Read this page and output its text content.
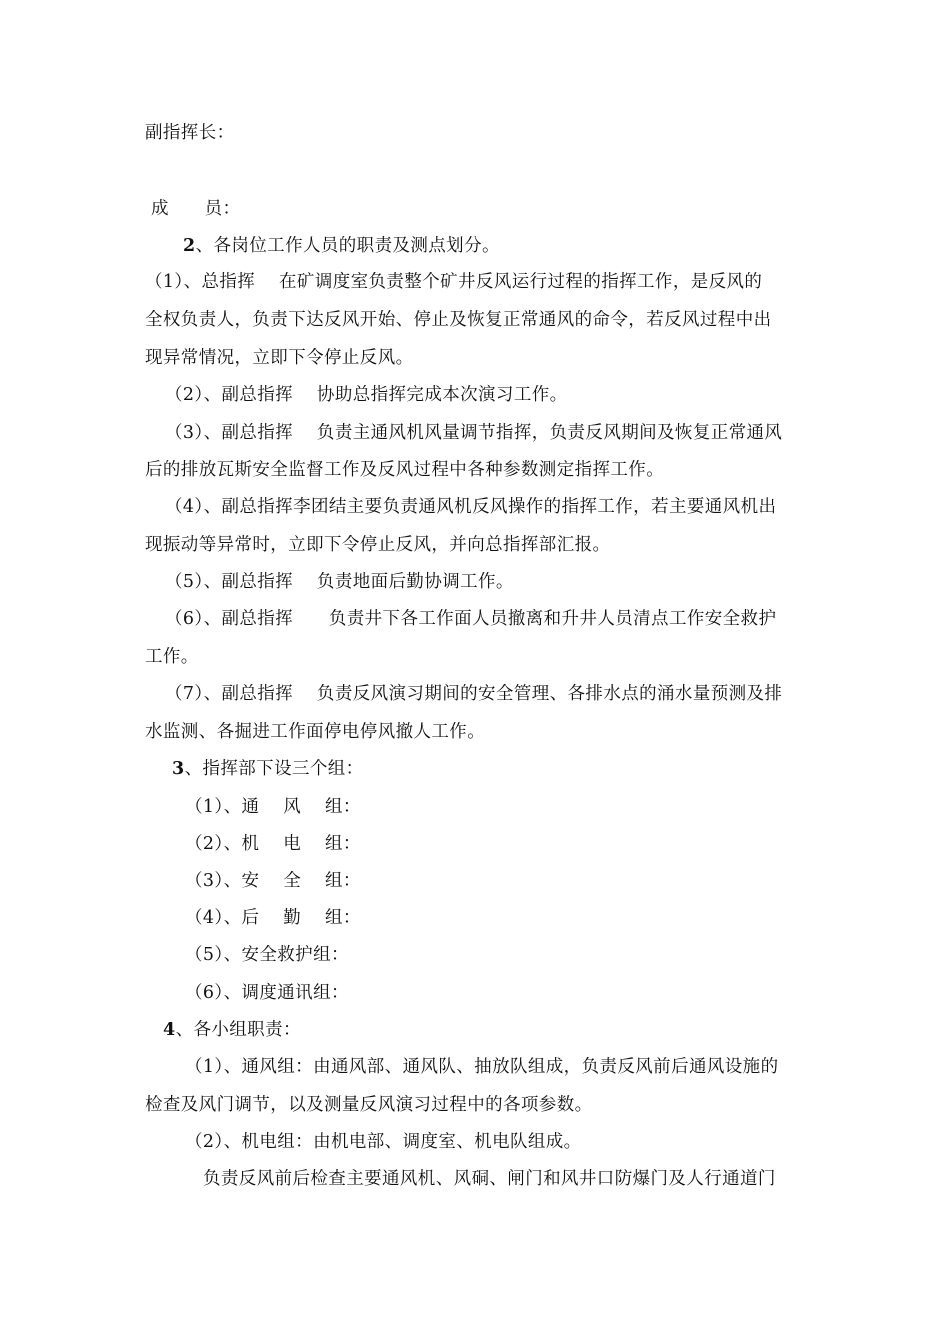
副指挥长：
成      员：
2、各岗位工作人员的职责及测点划分。
（1）、总指挥    在矿调度室负责整个矿井反风运行过程的指挥工作，是反风的
全权负责人，负责下达反风开始、停止及恢复正常通风的命令，若反风过程中出
现异常情况，立即下令停止反风。
（2）、副总指挥    协助总指挥完成本次演习工作。
（3）、副总指挥    负责主通风机风量调节指挥，负责反风期间及恢复正常通风
后的排放瓦斯安全监督工作及反风过程中各种参数测定指挥工作。
（4）、副总指挥李团结主要负责通风机反风操作的指挥工作，若主要通风机出
现振动等异常时，立即下令停止反风，并向总指挥部汇报。
（5）、副总指挥    负责地面后勤协调工作。
（6）、副总指挥      负责井下各工作面人员撤离和升井人员清点工作安全救护
工作。
（7）、副总指挥    负责反风演习期间的安全管理、各排水点的涌水量预测及排
水监测、各掘进工作面停电停风撤人工作。
3、指挥部下设三个组：
（1）、通    风    组：
（2）、机    电    组：
（3）、安    全    组：
（4）、后    勤    组：
（5）、安全救护组：
（6）、调度通讯组：
4、各小组职责：
（1）、通风组：由通风部、通风队、抽放队组成，负责反风前后通风设施的
检查及风门调节，以及测量反风演习过程中的各项参数。
（2）、机电组：由机电部、调度室、机电队组成。
负责反风前后检查主要通风机、风硐、闸门和风井口防爆门及人行通道门
